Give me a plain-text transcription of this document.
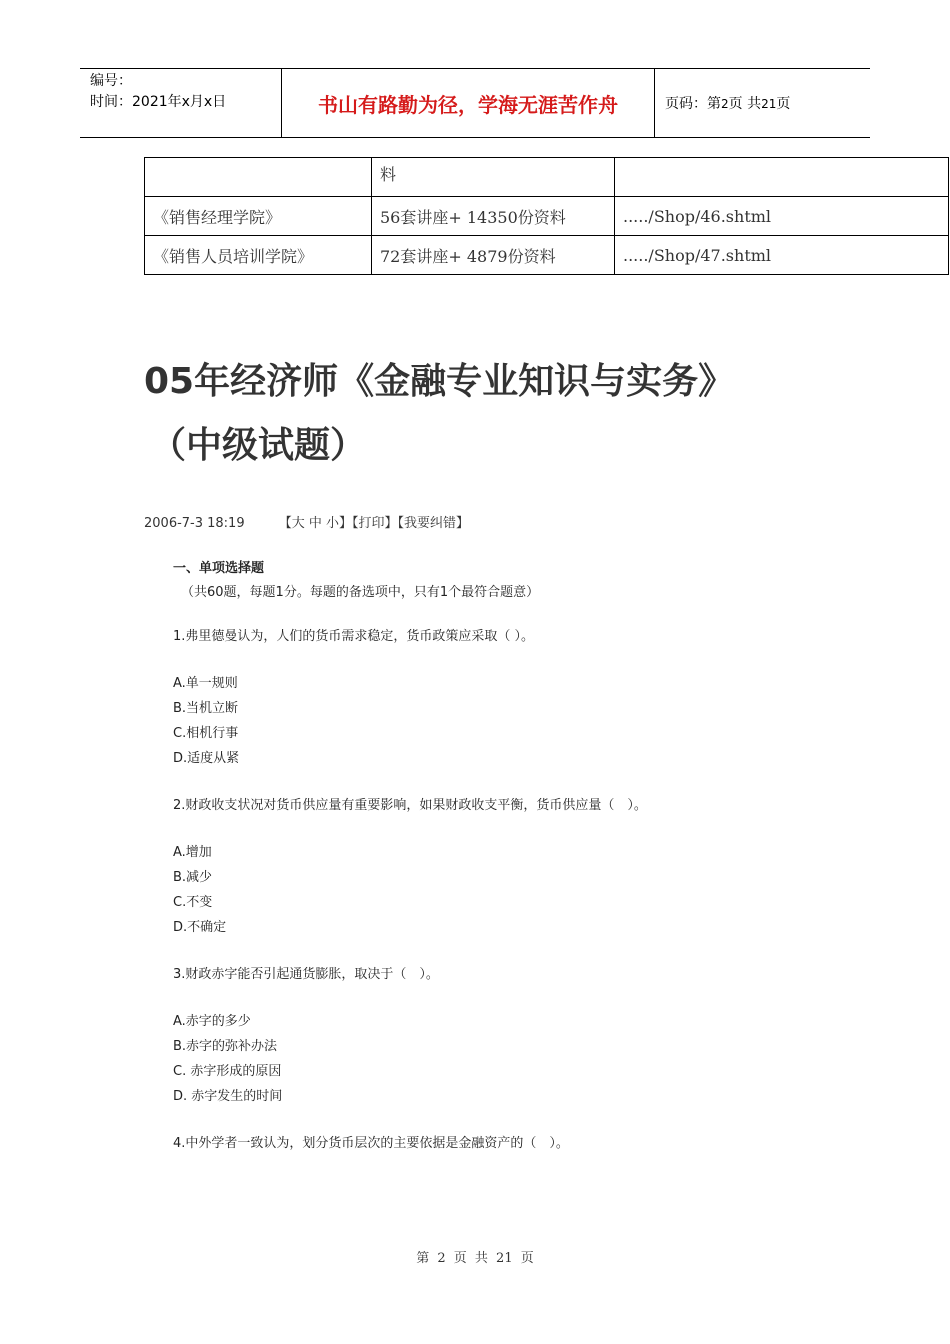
编号：
时间：2021年x月x日	书山有路勤为径，学海无涯苦作舟	页码：第2页 共21页
	料	
《销售经理学院》	56套讲座+ 14350份资料	...../Shop/46.shtml
《销售人员培训学院》	72套讲座+ 4879份资料	...../Shop/47.shtml
05年经济师《金融专业知识与实务》
（中级试题）
2006-7-3 18:19	【大 中 小】【打印】【我要纠错】

一、单项选择题

（共60题，每题1分。每题的备选项中，只有1个最符合题意）
1.弗里德曼认为，人们的货币需求稳定，货币政策应采取（ ）。
A.单一规则
B.当机立断
C.相机行事
D.适度从紧
2.财政收支状况对货币供应量有重要影响，如果财政收支平衡，货币供应量（　）。
A.增加
B.减少
C.不变
D.不确定
3.财政赤字能否引起通货膨胀，取决于（　）。
A.赤字的多少
B.赤字的弥补办法
C. 赤字形成的原因
D. 赤字发生的时间
4.中外学者一致认为，划分货币层次的主要依据是金融资产的（　）。
第 2 页 共 21 页
